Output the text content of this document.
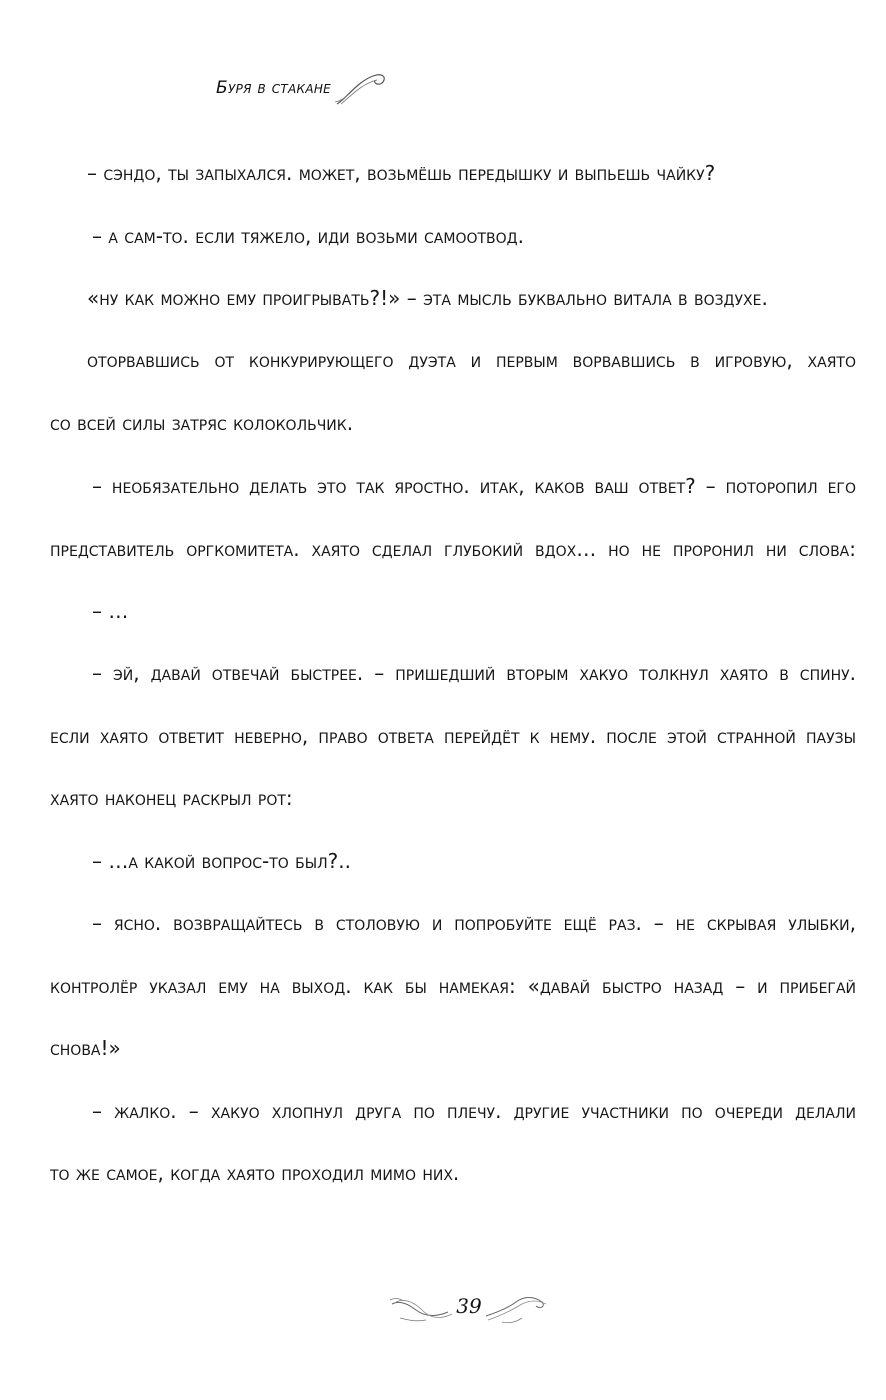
Буря в стакане
– сэндо, ты запыхался. может, возьмёшь передышку и выпьешь чайку?
– а сам-то. если тяжело, иди возьми самоотвод.
«ну как можно ему проигрывать?!» – эта мысль буквально витала в воздухе.
оторвавшись от конкурирующего дуэта и первым ворвавшись в игровую, хаято
со всей силы затряс колокольчик.
– необязательно делать это так яростно. итак, каков ваш ответ? – поторопил его
представитель оргкомитета. хаято сделал глубокий вдох… но не проронил ни слова:
– …
– эй, давай отвечай быстрее. – пришедший вторым хакуо толкнул хаято в спину.
если хаято ответит неверно, право ответа перейдёт к нему. после этой странной паузы
хаято наконец раскрыл рот:
– …а какой вопрос-то был?..
– ясно. возвращайтесь в столовую и попробуйте ещё раз. – не скрывая улыбки,
контролёр указал ему на выход. как бы намекая: «давай быстро назад – и прибегай
снова!»
– жалко. – хакуо хлопнул друга по плечу. другие участники по очереди делали
то же самое, когда хаято проходил мимо них.
39
